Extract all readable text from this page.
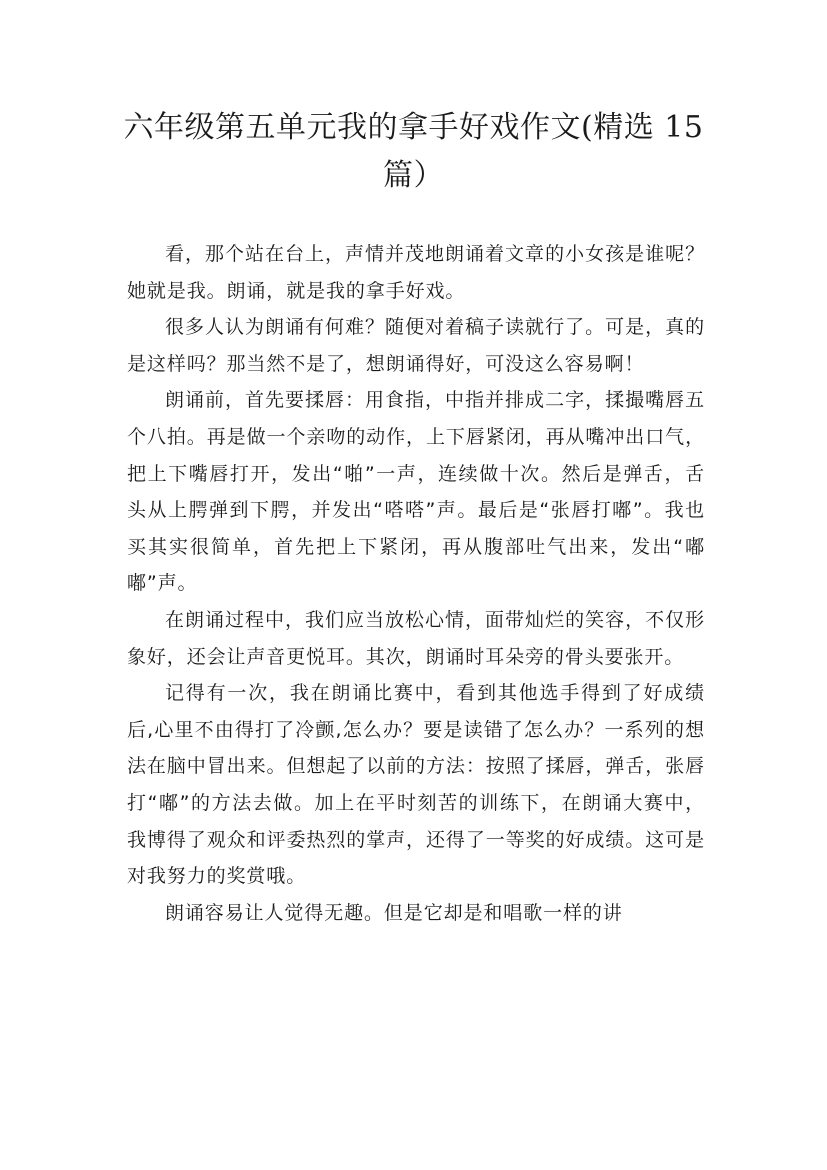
六年级第五单元我的拿手好戏作文(精选 15 篇）

看，那个站在台上，声情并茂地朗诵着文章的小女孩是谁呢？她就是我。朗诵，就是我的拿手好戏。

很多人认为朗诵有何难？随便对着稿子读就行了。可是，真的是这样吗？那当然不是了，想朗诵得好，可没这么容易啊！

朗诵前，首先要揉唇：用食指，中指并排成二字，揉撮嘴唇五个八拍。再是做一个亲吻的动作，上下唇紧闭，再从嘴冲出口气，把上下嘴唇打开，发出“啪”一声，连续做十次。然后是弹舌，舌头从上腭弹到下腭，并发出“嗒嗒”声。最后是“张唇打嘟”。我也买其实很简单，首先把上下紧闭，再从腹部吐气出来，发出“嘟嘟”声。

在朗诵过程中，我们应当放松心情，面带灿烂的笑容，不仅形象好，还会让声音更悦耳。其次，朗诵时耳朵旁的骨头要张开。

记得有一次，我在朗诵比赛中，看到其他选手得到了好成绩后,心里不由得打了冷颤,怎么办？要是读错了怎么办？一系列的想法在脑中冒出来。但想起了以前的方法：按照了揉唇，弹舌，张唇打“嘟”的方法去做。加上在平时刻苦的训练下，在朗诵大赛中，我博得了观众和评委热烈的掌声，还得了一等奖的好成绩。这可是对我努力的奖赏哦。

朗诵容易让人觉得无趣。但是它却是和唱歌一样的讲
